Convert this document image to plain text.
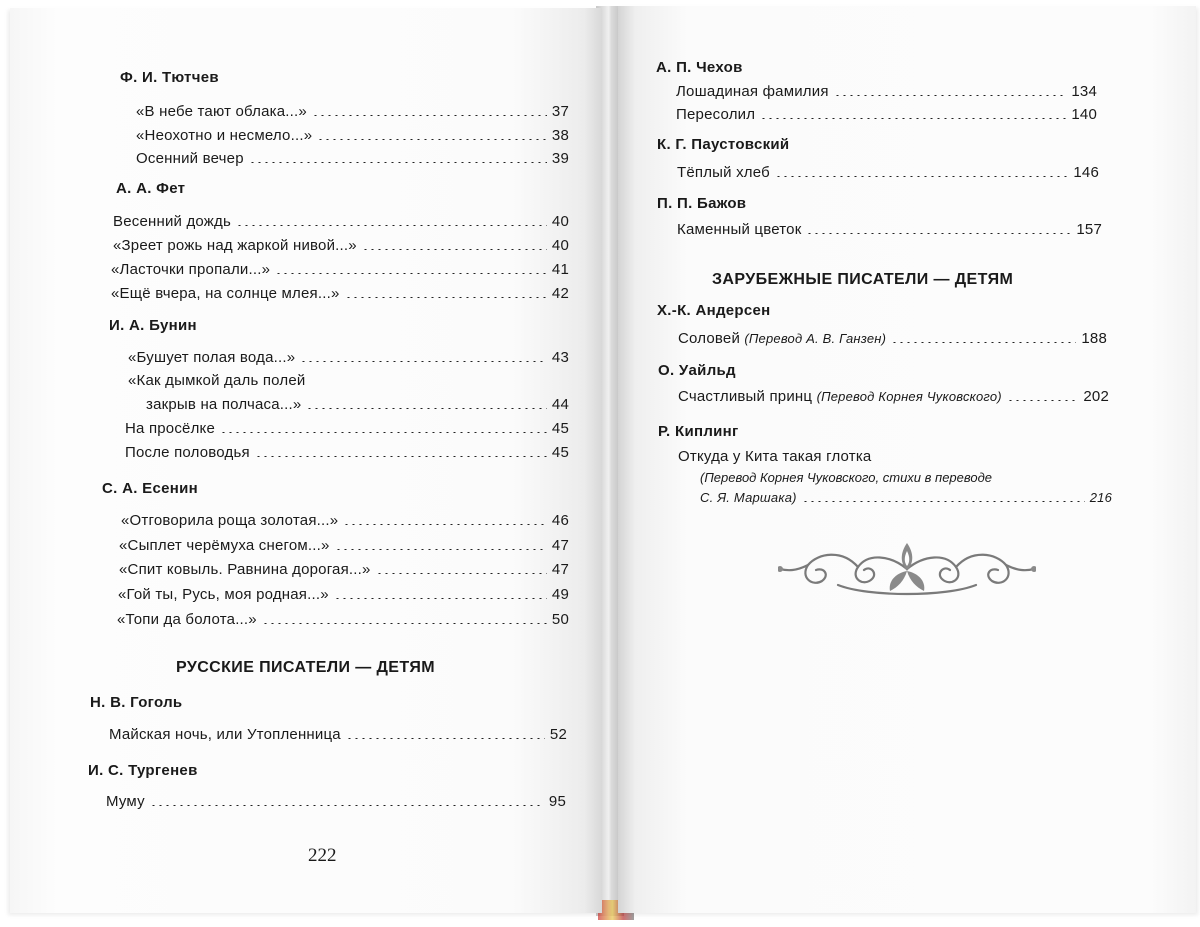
Ф. И. Тютчев
«В небе тают облака...»	37
«Неохотно и несмело...»	38
Осенний вечер	39
А. А. Фет
Весенний дождь	40
«Зреет рожь над жаркой нивой...»	40
«Ласточки пропали...»	41
«Ещё вчера, на солнце млея...»	42
И. А. Бунин
«Бушует полая вода...»	43
«Как дымкой даль полей
закрыв на полчаса...»	44
На просёлке	45
После половодья	45
С. А. Есенин
«Отговорила роща золотая...»	46
«Сыплет черёмуха снегом...»	47
«Спит ковыль. Равнина дорогая...»	47
«Гой ты, Русь, моя родная...»	49
«Топи да болота...»	50
РУССКИЕ ПИСАТЕЛИ — ДЕТЯМ
Н. В. Гоголь
Майская ночь, или Утопленница	52
И. С. Тургенев
Муму	95
222
А. П. Чехов
Лошадиная фамилия	134
Пересолил	140
К. Г. Паустовский
Тёплый хлеб	146
П. П. Бажов
Каменный цветок	157
ЗАРУБЕЖНЫЕ ПИСАТЕЛИ — ДЕТЯМ
Х.-К. Андерсен
Соловей (Перевод А. В. Ганзен)	188
О. Уайльд
Счастливый принц (Перевод Корнея Чуковского)	202
Р. Киплинг
Откуда у Кита такая глотка
(Перевод Корнея Чуковского, стихи в переводе
С. Я. Маршака)	216
